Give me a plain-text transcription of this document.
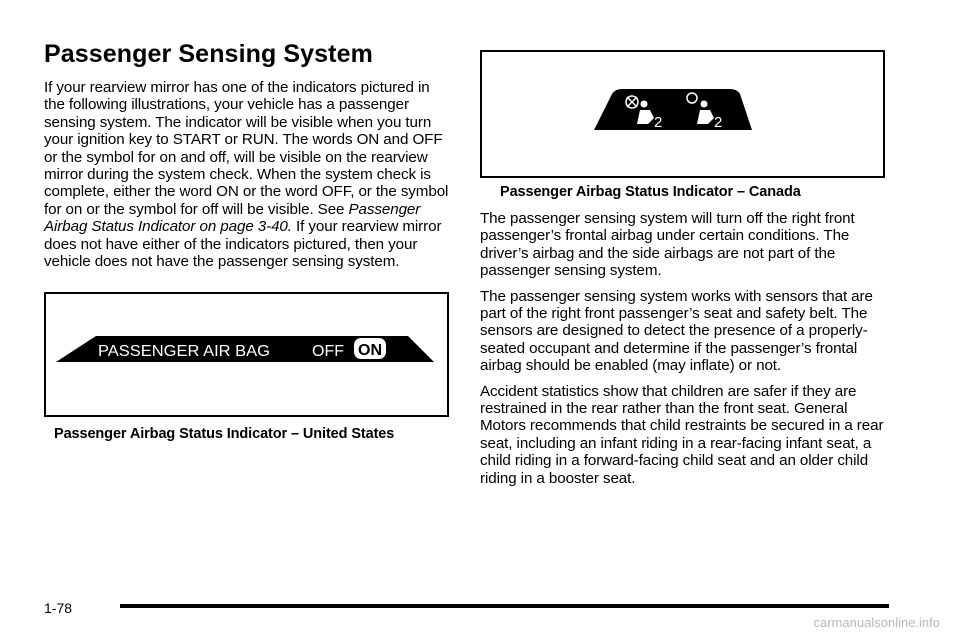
Passenger Sensing System

If your rearview mirror has one of the indicators pictured in the following illustrations, your vehicle has a passenger sensing system. The indicator will be visible when you turn your ignition key to START or RUN. The words ON and OFF or the symbol for on and off, will be visible on the rearview mirror during the system check. When the system check is complete, either the word ON or the word OFF, or the symbol for on or the symbol for off will be visible. See Passenger Airbag Status Indicator on page 3-40. If your rearview mirror does not have either of the indicators pictured, then your vehicle does not have the passenger sensing system.

PASSENGER AIR BAG	OFF ON
Passenger Airbag Status Indicator – United States
2	2
Passenger Airbag Status Indicator – Canada

The passenger sensing system will turn off the right front passenger’s frontal airbag under certain conditions. The driver’s airbag and the side airbags are not part of the passenger sensing system.

The passenger sensing system works with sensors that are part of the right front passenger’s seat and safety belt. The sensors are designed to detect the presence of a properly-seated occupant and determine if the passenger’s frontal airbag should be enabled (may inflate) or not.

Accident statistics show that children are safer if they are restrained in the rear rather than the front seat. General Motors recommends that child restraints be secured in a rear seat, including an infant riding in a rear-facing infant seat, a child riding in a forward-facing child seat and an older child riding in a booster seat.

1-78
carmanualsonline.info
